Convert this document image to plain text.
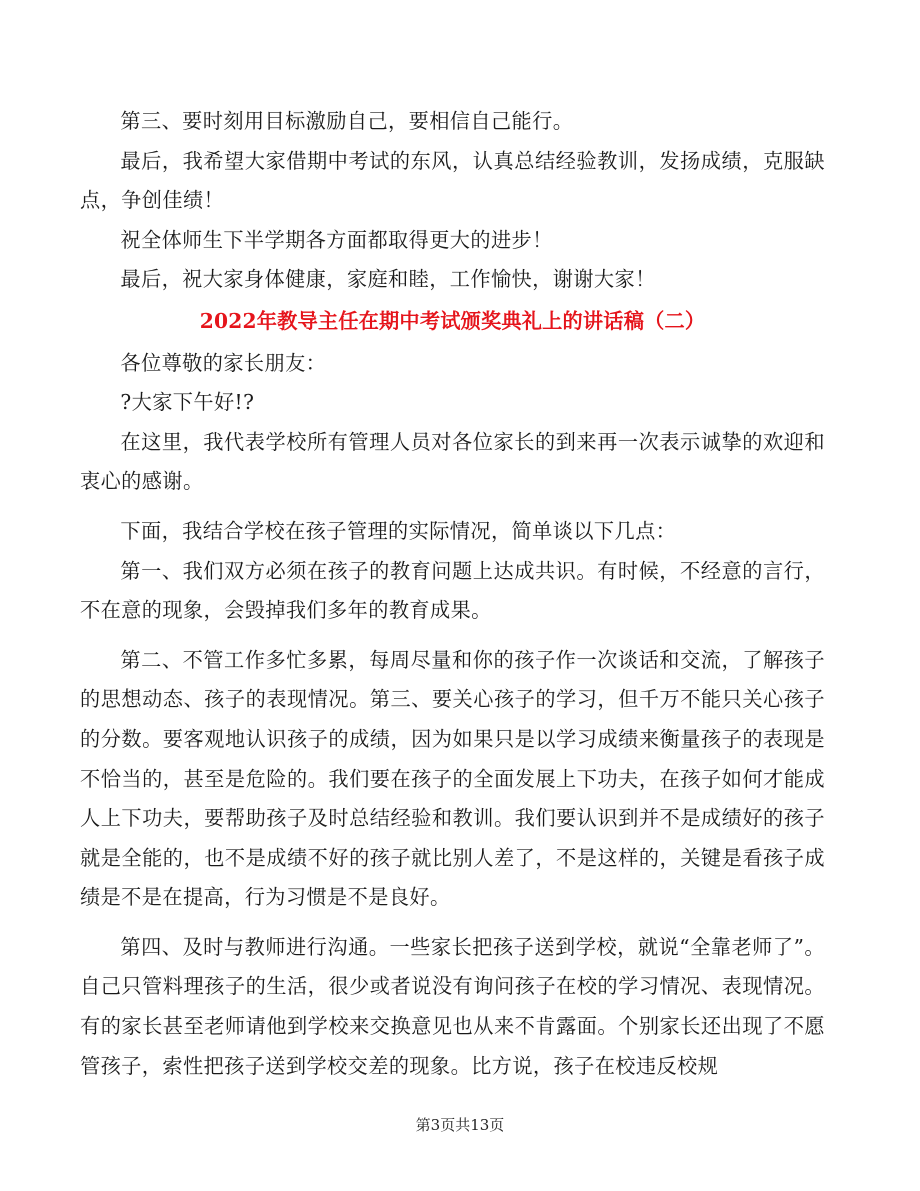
第三、要时刻用目标激励自己，要相信自己能行。

最后，我希望大家借期中考试的东风，认真总结经验教训，发扬成绩，克服缺点，争创佳绩！

祝全体师生下半学期各方面都取得更大的进步！

最后，祝大家身体健康，家庭和睦，工作愉快，谢谢大家！

2022年教导主任在期中考试颁奖典礼上的讲话稿（二）

各位尊敬的家长朋友：

?大家下午好!?

在这里，我代表学校所有管理人员对各位家长的到来再一次表示诚挚的欢迎和衷心的感谢。

下面，我结合学校在孩子管理的实际情况，简单谈以下几点：

第一、我们双方必须在孩子的教育问题上达成共识。有时候，不经意的言行，不在意的现象，会毁掉我们多年的教育成果。

第二、不管工作多忙多累，每周尽量和你的孩子作一次谈话和交流，了解孩子的思想动态、孩子的表现情况。第三、要关心孩子的学习，但千万不能只关心孩子的分数。要客观地认识孩子的成绩，因为如果只是以学习成绩来衡量孩子的表现是不恰当的，甚至是危险的。我们要在孩子的全面发展上下功夫，在孩子如何才能成人上下功夫，要帮助孩子及时总结经验和教训。我们要认识到并不是成绩好的孩子就是全能的，也不是成绩不好的孩子就比别人差了，不是这样的，关键是看孩子成绩是不是在提高，行为习惯是不是良好。

第四、及时与教师进行沟通。一些家长把孩子送到学校，就说“全靠老师了”。自己只管料理孩子的生活，很少或者说没有询问孩子在校的学习情况、表现情况。有的家长甚至老师请他到学校来交换意见也从来不肯露面。个别家长还出现了不愿管孩子，索性把孩子送到学校交差的现象。比方说，孩子在校违反校规

第3页共13页
